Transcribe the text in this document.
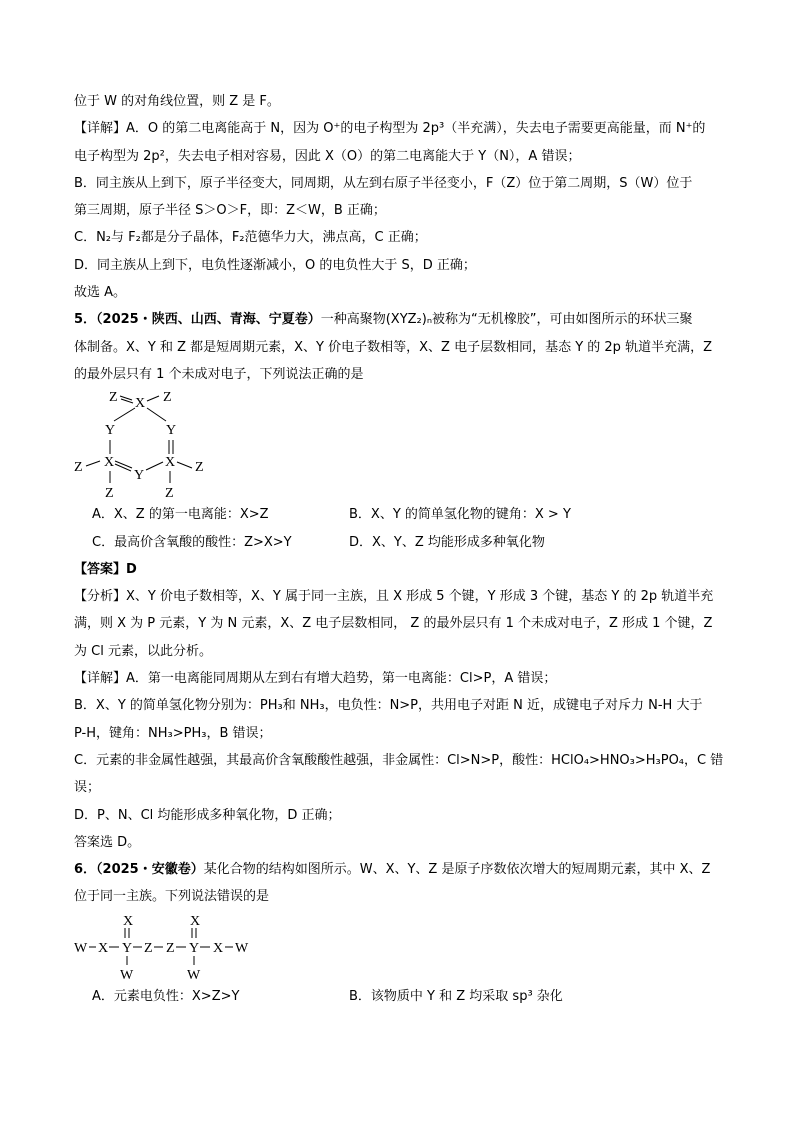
位于 W 的对角线位置，则 Z 是 F。

【详解】A．O 的第二电离能高于 N，因为 O⁺的电子构型为 2p³（半充满），失去电子需要更高能量，而 N⁺的

电子构型为 2p²，失去电子相对容易，因此 X（O）的第二电离能大于 Y（N），A 错误；

B．同主族从上到下，原子半径变大，同周期，从左到右原子半径变小，F（Z）位于第二周期，S（W）位于

第三周期，原子半径 S＞O＞F，即：Z＜W，B 正确；

C．N₂与 F₂都是分子晶体，F₂范德华力大，沸点高，C 正确；

D．同主族从上到下，电负性逐渐减小，O 的电负性大于 S，D 正确；

故选 A。

5．（2025・陕西、山西、青海、宁夏卷）一种高聚物(XYZ₂)ₙ被称为“无机橡胶”，可由如图所示的环状三聚

体制备。X、Y 和 Z 都是短周期元素，X、Y 价电子数相等，X、Z 电子层数相同，基态 Y 的 2p 轨道半充满，Z

的最外层只有 1 个未成对电子，下列说法正确的是

Z X Z
Y	Y
Z X
Y
X Z
Z	Z
A．X、Z 的第一电离能：X>Z	B．X、Y 的简单氢化物的键角：X > Y
C．最高价含氧酸的酸性：Z>X>Y	D．X、Y、Z 均能形成多种氧化物

【答案】D

【分析】X、Y 价电子数相等，X、Y 属于同一主族，且 X 形成 5 个键，Y 形成 3 个键，基态 Y 的 2p 轨道半充

满，则 X 为 P 元素，Y 为 N 元素，X、Z 电子层数相同， Z 的最外层只有 1 个未成对电子，Z 形成 1 个键，Z

为 Cl 元素，以此分析。

【详解】A．第一电离能同周期从左到右有增大趋势，第一电离能：Cl>P，A 错误；

B．X、Y 的简单氢化物分别为：PH₃和 NH₃，电负性：N>P，共用电子对距 N 近，成键电子对斥力 N-H 大于

P-H，键角：NH₃>PH₃，B 错误；

C．元素的非金属性越强，其最高价含氧酸酸性越强，非金属性：Cl>N>P，酸性：HClO₄>HNO₃>H₃PO₄，C 错

误；

D．P、N、Cl 均能形成多种氧化物，D 正确；

答案选 D。

6．（2025・安徽卷）某化合物的结构如图所示。W、X、Y、Z 是原子序数依次增大的短周期元素，其中 X、Z

位于同一主族。下列说法错误的是

X	X
W X Y Z Z Y X W
W	W
A．元素电负性：X>Z>Y	B．该物质中 Y 和 Z 均采取 sp³ 杂化
